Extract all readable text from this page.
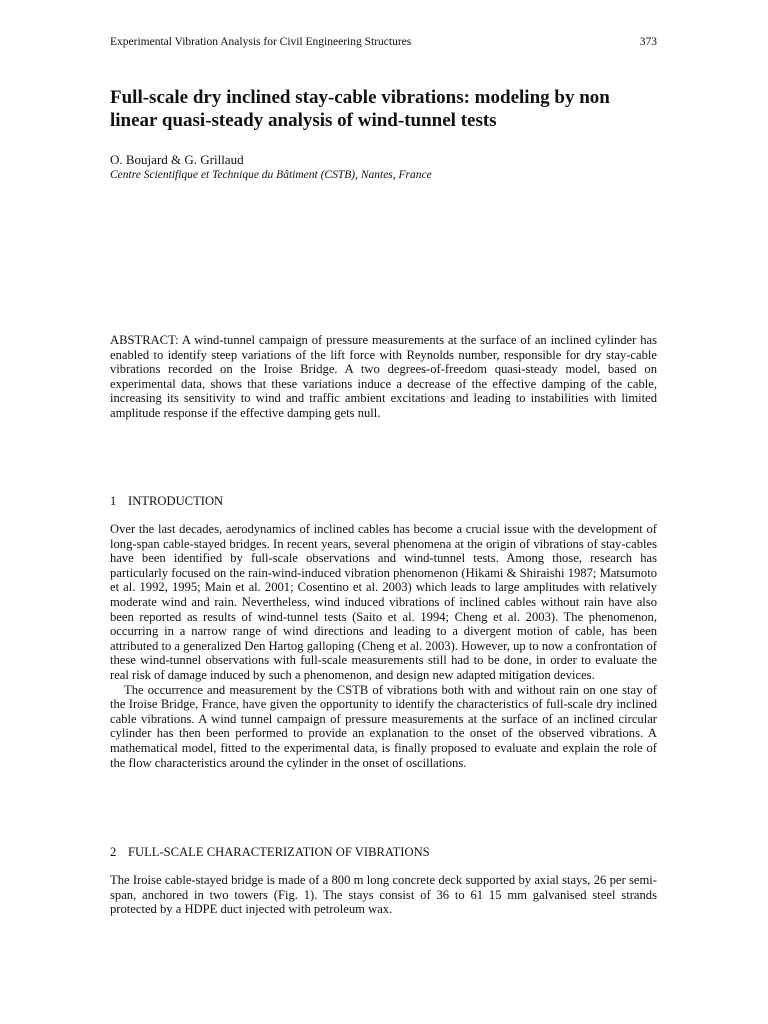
Experimental Vibration Analysis for Civil Engineering Structures	373
Full-scale dry inclined stay-cable vibrations: modeling by non linear quasi-steady analysis of wind-tunnel tests
O. Boujard & G. Grillaud
Centre Scientifique et Technique du Bâtiment (CSTB), Nantes, France

ABSTRACT: A wind-tunnel campaign of pressure measurements at the surface of an inclined cylinder has enabled to identify steep variations of the lift force with Reynolds number, responsible for dry stay-cable vibrations recorded on the Iroise Bridge. A two degrees-of-freedom quasi-steady model, based on experimental data, shows that these variations induce a decrease of the effective damping of the cable, increasing its sensitivity to wind and traffic ambient excitations and leading to instabilities with limited amplitude response if the effective damping gets null.

1 INTRODUCTION

Over the last decades, aerodynamics of inclined cables has become a crucial issue with the development of long-span cable-stayed bridges. In recent years, several phenomena at the origin of vibrations of stay-cables have been identified by full-scale observations and wind-tunnel tests. Among those, research has particularly focused on the rain-wind-induced vibration phenomenon (Hikami & Shiraishi 1987; Matsumoto et al. 1992, 1995; Main et al. 2001; Cosentino et al. 2003) which leads to large amplitudes with relatively moderate wind and rain. Nevertheless, wind induced vibrations of inclined cables without rain have also been reported as results of wind-tunnel tests (Saito et al. 1994; Cheng et al. 2003). The phenomenon, occurring in a narrow range of wind directions and leading to a divergent motion of cable, has been attributed to a generalized Den Hartog galloping (Cheng et al. 2003). However, up to now a confrontation of these wind-tunnel observations with full-scale measurements still had to be done, in order to evaluate the real risk of damage induced by such a phenomenon, and design new adapted mitigation devices.

The occurrence and measurement by the CSTB of vibrations both with and without rain on one stay of the Iroise Bridge, France, have given the opportunity to identify the characteristics of full-scale dry inclined cable vibrations. A wind tunnel campaign of pressure measurements at the surface of an inclined circular cylinder has then been performed to provide an explanation to the onset of the observed vibrations. A mathematical model, fitted to the experimental data, is finally proposed to evaluate and explain the role of the flow characteristics around the cylinder in the onset of oscillations.

2 FULL-SCALE CHARACTERIZATION OF VIBRATIONS

The Iroise cable-stayed bridge is made of a 800 m long concrete deck supported by axial stays, 26 per semi-span, anchored in two towers (Fig. 1). The stays consist of 36 to 61 15 mm galvanised steel strands protected by a HDPE duct injected with petroleum wax.
